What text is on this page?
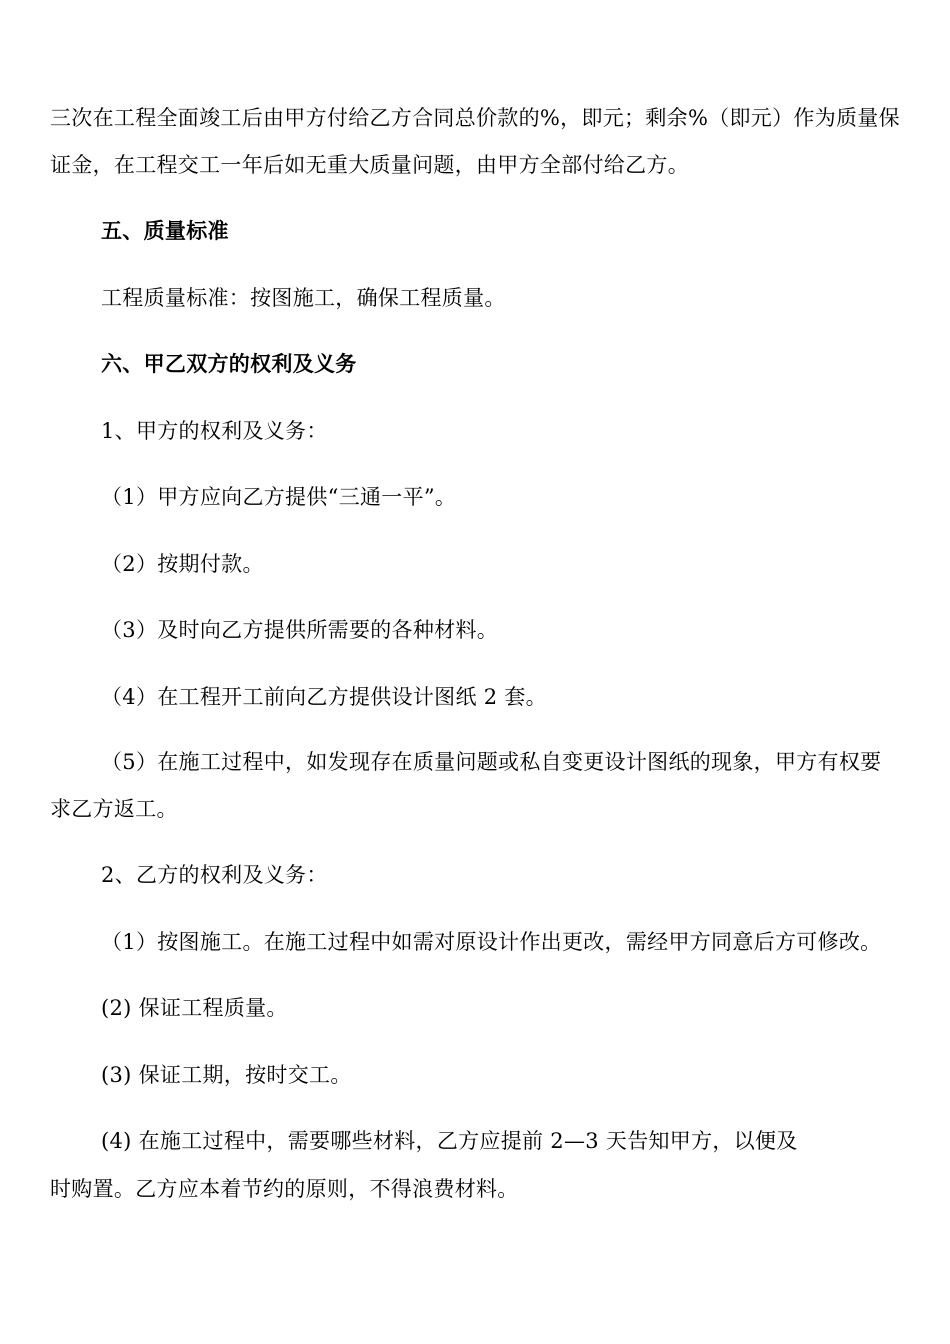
三次在工程全面竣工后由甲方付给乙方合同总价款的%，即元；剩余%（即元）作为质量保
证金，在工程交工一年后如无重大质量问题，由甲方全部付给乙方。
五、质量标准
工程质量标准：按图施工，确保工程质量。
六、甲乙双方的权利及义务
1、甲方的权利及义务：
（1）甲方应向乙方提供“三通一平”。
（2）按期付款。
（3）及时向乙方提供所需要的各种材料。
（4）在工程开工前向乙方提供设计图纸 2 套。
（5）在施工过程中，如发现存在质量问题或私自变更设计图纸的现象，甲方有权要
求乙方返工。
2、乙方的权利及义务：
（1）按图施工。在施工过程中如需对原设计作出更改，需经甲方同意后方可修改。
(2) 保证工程质量。
(3) 保证工期，按时交工。
(4) 在施工过程中，需要哪些材料，乙方应提前 2—3 天告知甲方，以便及
时购置。乙方应本着节约的原则，不得浪费材料。
